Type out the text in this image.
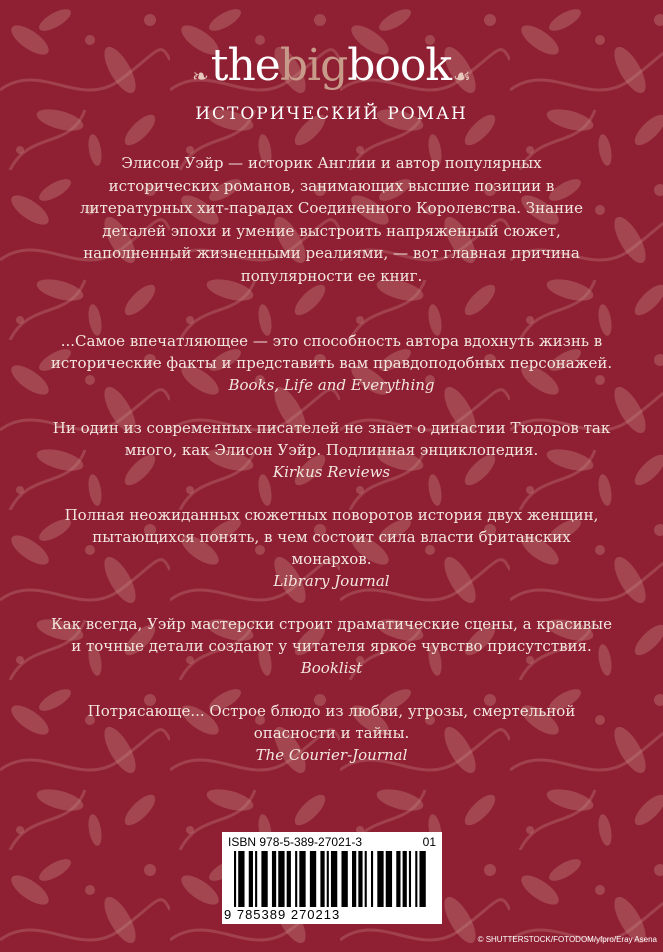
❧thebigbook ☙
ИСТОРИЧЕСКИЙ РОМАН
Элисон Уэйр — историк Англии и автор популярных исторических романов, занимающих высшие позиции в литературных хит-парадах Соединенного Королевства. Знание деталей эпохи и умение выстроить напряженный сюжет, наполненный жизненными реалиями, — вот главная причина популярности ее книг.
...Самое впечатляющее — это способность автора вдохнуть жизнь в исторические факты и представить вам правдоподобных персонажей.
Books, Life and Everything
Ни один из современных писателей не знает о династии Тюдоров так много, как Элисон Уэйр. Подлинная энциклопедия.
Kirkus Reviews
Полная неожиданных сюжетных поворотов история двух женщин, пытающихся понять, в чем состоит сила власти британских монархов.
Library Journal
Как всегда, Уэйр мастерски строит драматические сцены, а красивые и точные детали создают у читателя яркое чувство присутствия.
Booklist
Потрясающе... Острое блюдо из любви, угрозы, смертельной опасности и тайны.
The Courier-Journal
ISBN 978-5-389-27021-3	01
9 785389 270213
© SHUTTERSTOCK/FOTODOM/yfpro/Eray Asena
